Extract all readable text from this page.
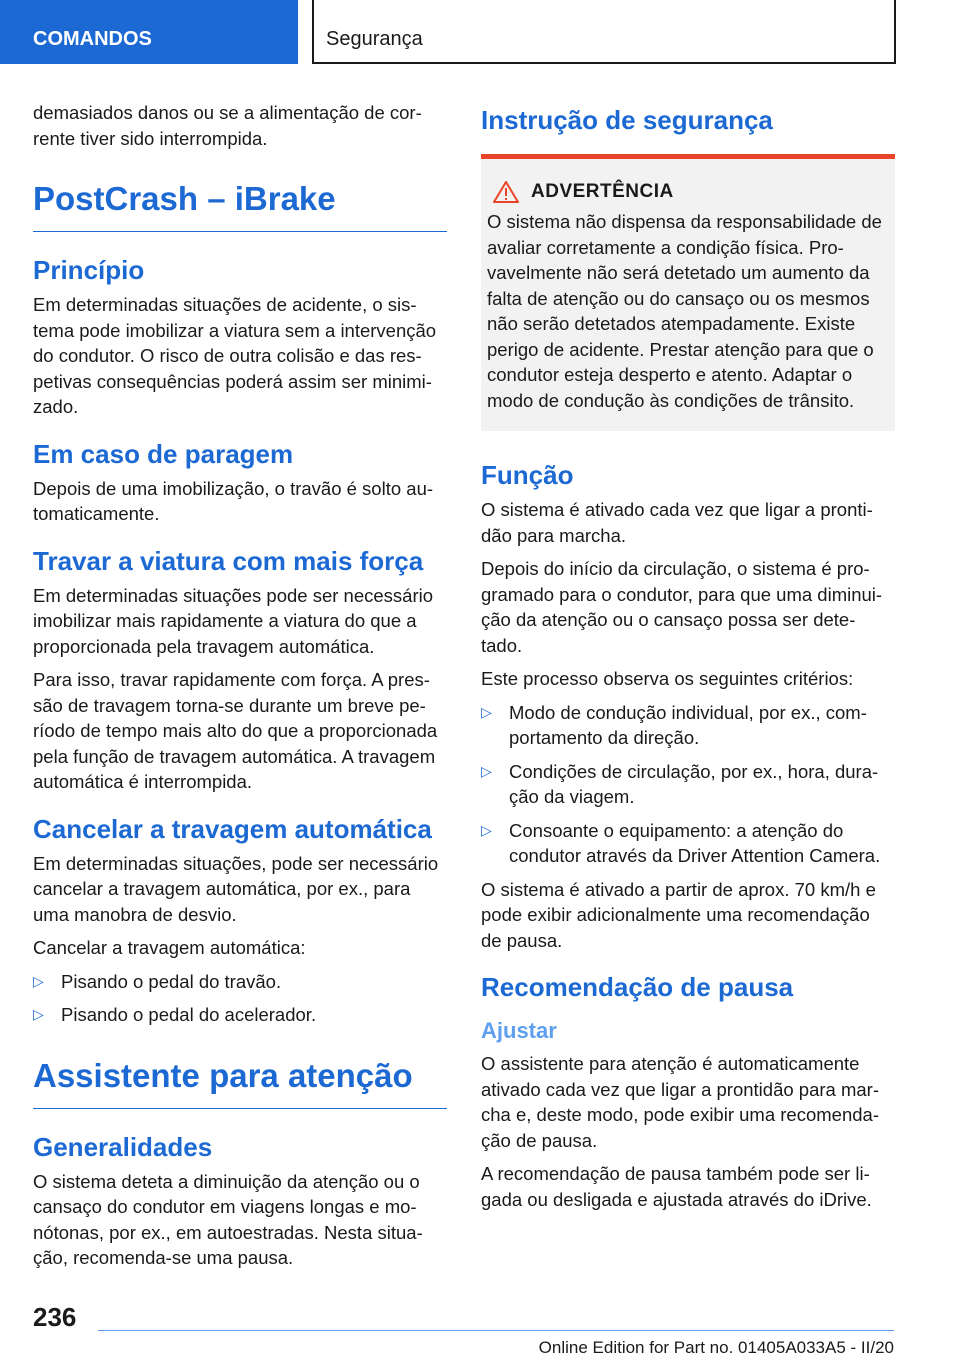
COMANDOS	Segurança

demasiados danos ou se a alimentação de cor-rente tiver sido interrompida.

PostCrash – iBrake
Princípio

Em determinadas situações de acidente, o sis-tema pode imobilizar a viatura sem a intervenção do condutor. O risco de outra colisão e das res-petivas consequências poderá assim ser minimi-zado.

Em caso de paragem

Depois de uma imobilização, o travão é solto au-tomaticamente.

Travar a viatura com mais força

Em determinadas situações pode ser necessário imobilizar mais rapidamente a viatura do que a proporcionada pela travagem automática.

Para isso, travar rapidamente com força. A pres-são de travagem torna-se durante um breve pe-ríodo de tempo mais alto do que a proporcionada pela função de travagem automática. A travagem automática é interrompida.

Cancelar a travagem automática

Em determinadas situações, pode ser necessário cancelar a travagem automática, por ex., para uma manobra de desvio.

Cancelar a travagem automática:

▷ Pisando o pedal do travão.
▷ Pisando o pedal do acelerador.
Assistente para atenção
Generalidades

O sistema deteta a diminuição da atenção ou o cansaço do condutor em viagens longas e mo-nótonas, por ex., em autoestradas. Nesta situa-ção, recomenda-se uma pausa.

Instrução de segurança
ADVERTÊNCIA

O sistema não dispensa da responsabilidade de avaliar corretamente a condição física. Pro-vavelmente não será detetado um aumento da falta de atenção ou do cansaço ou os mesmos não serão detetados atempadamente. Existe perigo de acidente. Prestar atenção para que o condutor esteja desperto e atento. Adaptar o modo de condução às condições de trânsito.

Função

O sistema é ativado cada vez que ligar a pronti-dão para marcha.

Depois do início da circulação, o sistema é pro-gramado para o condutor, para que uma diminui-ção da atenção ou o cansaço possa ser dete-tado.

Este processo observa os seguintes critérios:

▷ Modo de condução individual, por ex., com-portamento da direção.
▷ Condições de circulação, por ex., hora, dura-ção da viagem.
▷ Consoante o equipamento: a atenção do condutor através da Driver Attention Camera.

O sistema é ativado a partir de aprox. 70 km/h e pode exibir adicionalmente uma recomendação de pausa.

Recomendação de pausa
Ajustar

O assistente para atenção é automaticamente ativado cada vez que ligar a prontidão para mar-cha e, deste modo, pode exibir uma recomenda-ção de pausa.

A recomendação de pausa também pode ser li-gada ou desligada e ajustada através do iDrive.

236
Online Edition for Part no. 01405A033A5 - II/20
